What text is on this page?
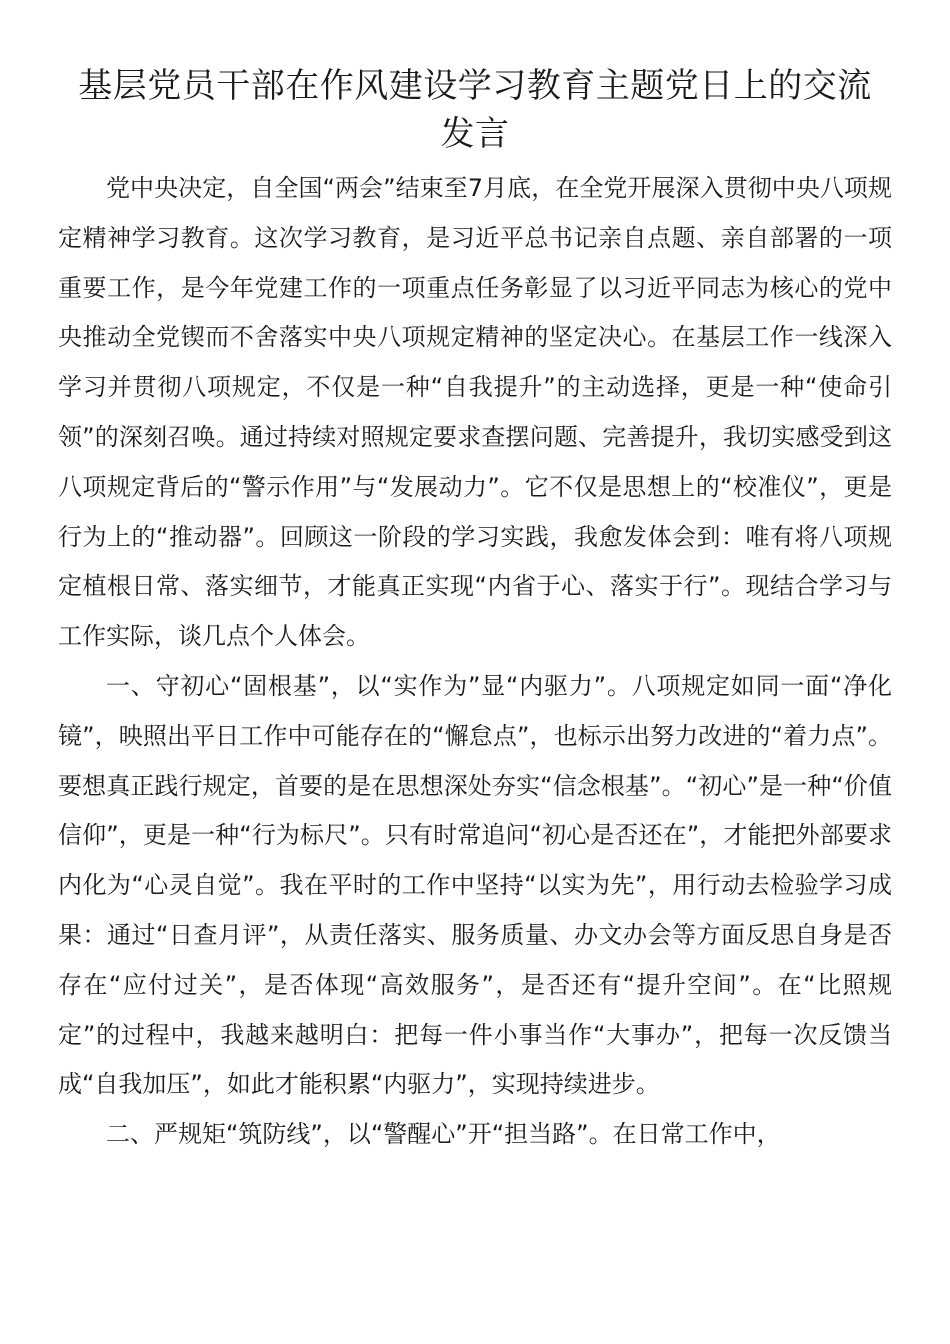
基层党员干部在作风建设学习教育主题党日上的交流
发言

党中央决定，自全国“两会”结束至7月底，在全党开展深入贯彻中央八项规定精神学习教育。这次学习教育，是习近平总书记亲自点题、亲自部署的一项重要工作，是今年党建工作的一项重点任务彰显了以习近平同志为核心的党中央推动全党锲而不舍落实中央八项规定精神的坚定决心。在基层工作一线深入学习并贯彻八项规定，不仅是一种“自我提升”的主动选择，更是一种“使命引领”的深刻召唤。通过持续对照规定要求查摆问题、完善提升，我切实感受到这八项规定背后的“警示作用”与“发展动力”。它不仅是思想上的“校准仪”，更是行为上的“推动器”。回顾这一阶段的学习实践，我愈发体会到：唯有将八项规定植根日常、落实细节，才能真正实现“内省于心、落实于行”。现结合学习与工作实际，谈几点个人体会。

一、守初心“固根基”，以“实作为”显“内驱力”。八项规定如同一面“净化镜”，映照出平日工作中可能存在的“懈怠点”，也标示出努力改进的“着力点”。要想真正践行规定，首要的是在思想深处夯实“信念根基”。“初心”是一种“价值信仰”，更是一种“行为标尺”。只有时常追问“初心是否还在”，才能把外部要求内化为“心灵自觉”。我在平时的工作中坚持“以实为先”，用行动去检验学习成果：通过“日查月评”，从责任落实、服务质量、办文办会等方面反思自身是否存在“应付过关”，是否体现“高效服务”，是否还有“提升空间”。在“比照规定”的过程中，我越来越明白：把每一件小事当作“大事办”，把每一次反馈当成“自我加压”，如此才能积累“内驱力”，实现持续进步。

二、严规矩“筑防线”，以“警醒心”开“担当路”。在日常工作中，
